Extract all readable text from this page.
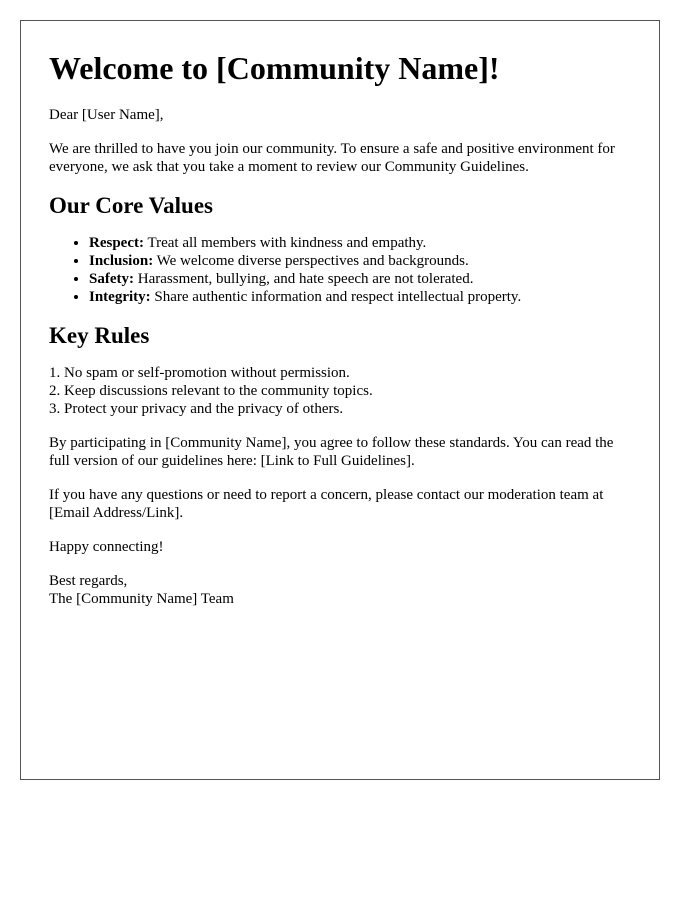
Welcome to [Community Name]!

Dear [User Name],

We are thrilled to have you join our community. To ensure a safe and positive environment for everyone, we ask that you take a moment to review our Community Guidelines.

Our Core Values
• Respect: Treat all members with kindness and empathy.
• Inclusion: We welcome diverse perspectives and backgrounds.
• Safety: Harassment, bullying, and hate speech are not tolerated.
• Integrity: Share authentic information and respect intellectual property.
Key Rules
1. No spam or self-promotion without permission.
2. Keep discussions relevant to the community topics.
3. Protect your privacy and the privacy of others.

By participating in [Community Name], you agree to follow these standards. You can read the full version of our guidelines here: [Link to Full Guidelines].

If you have any questions or need to report a concern, please contact our moderation team at [Email Address/Link].

Happy connecting!

Best regards,
The [Community Name] Team
